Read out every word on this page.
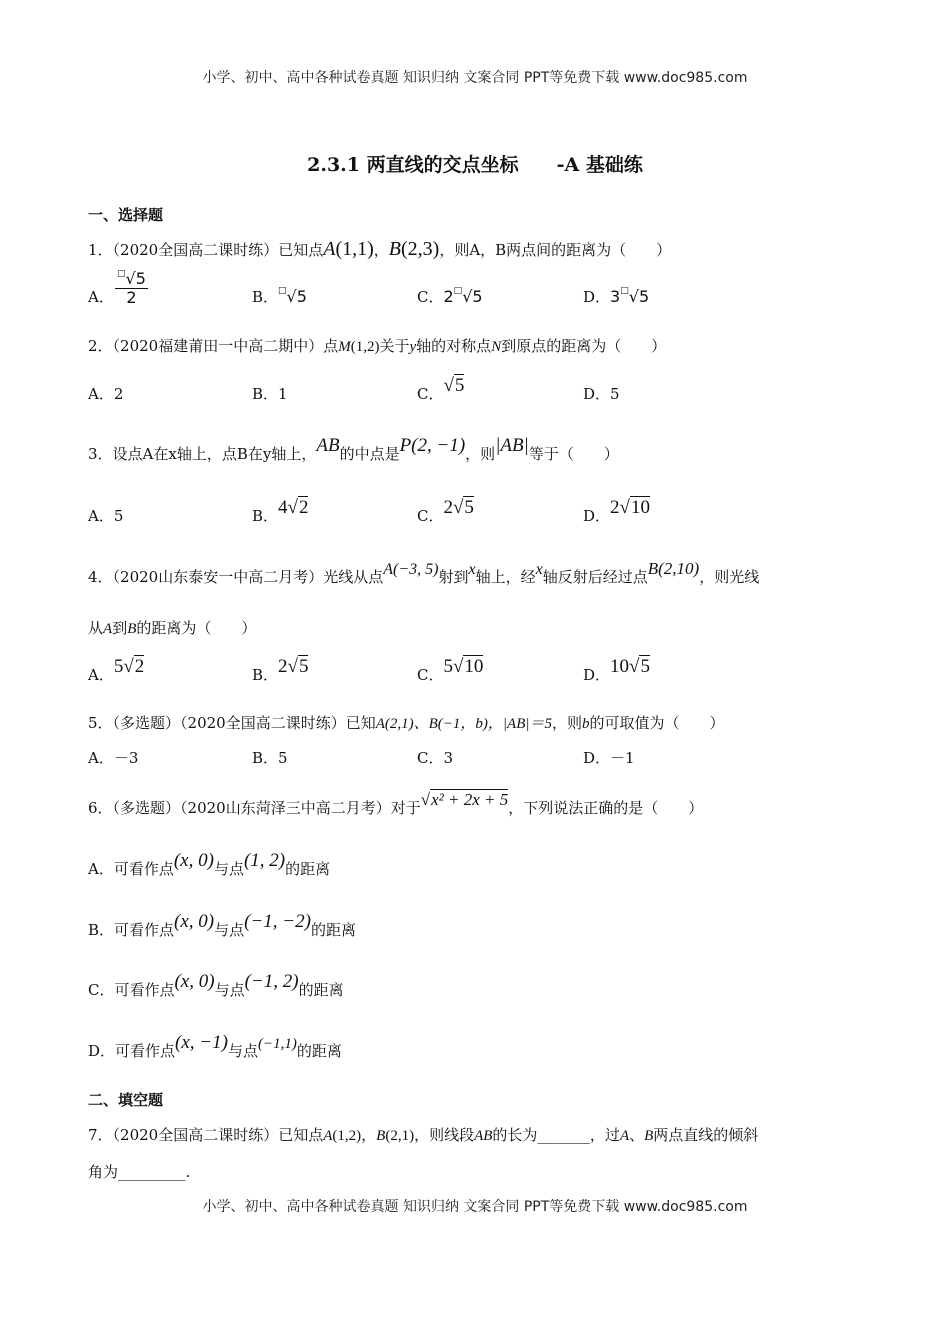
小学、初中、高中各种试卷真题 知识归纳 文案合同 PPT等免费下载 www.doc985.com
2.3.1 两直线的交点坐标　　-A 基础练
一、选择题
1．（2020全国高二课时练）已知点A(1,1)，B(2,3)，则A，B两点间的距离为（　　）
A． $\frac{^□√5}{2}$	B．□√5	C．2□√5	D．3□√5
2．（2020福建莆田一中高二期中）点M(1,2)关于y轴的对称点N到原点的距离为（　　）
A．2	B．1	C．√5	D．5
3．设点A在x轴上，点B在y轴上，AB的中点是P(2, −1)，则|AB|等于（　　）
A．5	B．4√2	C．2√5	D．2√10
4．（2020山东泰安一中高二月考）光线从点A(−3, 5)射到x轴上，经x轴反射后经过点B(2,10)，则光线
从A到B的距离为（　　）
A．5√2	B．2√5	C．5√10	D．10√5
5．（多选题）（2020全国高二课时练）已知A(2,1)、B(−1，b)，|AB|＝5，则b的可取值为（　　）
A．－3	B．5	C．3	D．－1
6．（多选题）（2020山东菏泽三中高二月考）对于√x² + 2x + 5，下列说法正确的是（　　）
A．可看作点(x, 0)与点(1, 2)的距离
B．可看作点(x, 0)与点(−1, −2)的距离
C．可看作点(x, 0)与点(−1, 2)的距离
D．可看作点(x, −1)与点(−1,1)的距离
二、填空题
7．（2020全国高二课时练）已知点A(1,2)，B(2,1)，则线段AB的长为_______，过A、B两点直线的倾斜
角为_________.
小学、初中、高中各种试卷真题 知识归纳 文案合同 PPT等免费下载 www.doc985.com
